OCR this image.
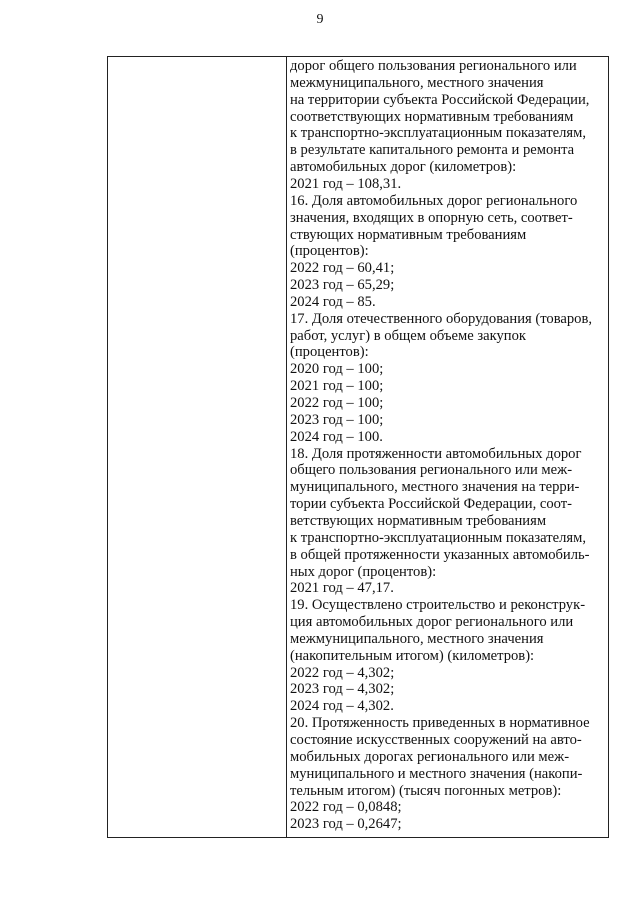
9
дорог общего пользования регионального или
межмуниципального, местного значения
на территории субъекта Российской Федерации,
соответствующих нормативным требованиям
к транспортно-эксплуатационным показателям,
в результате капитального ремонта и ремонта
автомобильных дорог (километров):
2021 год – 108,31.
16. Доля автомобильных дорог регионального
значения, входящих в опорную сеть, соответ-
ствующих нормативным требованиям
(процентов):
2022 год – 60,41;
2023 год – 65,29;
2024 год – 85.
17. Доля отечественного оборудования (товаров,
работ, услуг) в общем объеме закупок
(процентов):
2020 год – 100;
2021 год – 100;
2022 год – 100;
2023 год – 100;
2024 год – 100.
18. Доля протяженности автомобильных дорог
общего пользования регионального или меж-
муниципального, местного значения на терри-
тории субъекта Российской Федерации, соот-
ветствующих нормативным требованиям
к транспортно-эксплуатационным показателям,
в общей протяженности указанных автомобиль-
ных дорог (процентов):
2021 год – 47,17.
19. Осуществлено строительство и реконструк-
ция автомобильных дорог регионального или
межмуниципального, местного значения
(накопительным итогом) (километров):
2022 год – 4,302;
2023 год – 4,302;
2024 год – 4,302.
20. Протяженность приведенных в нормативное
состояние искусственных сооружений на авто-
мобильных дорогах регионального или меж-
муниципального и местного значения (накопи-
тельным итогом) (тысяч погонных метров):
2022 год – 0,0848;
2023 год – 0,2647;
